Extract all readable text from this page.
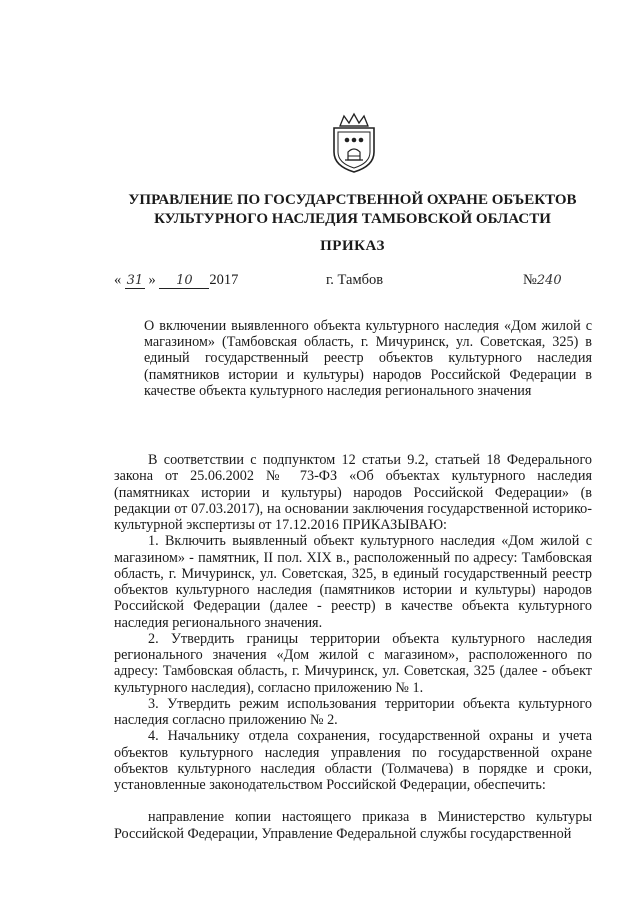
УПРАВЛЕНИЕ ПО ГОСУДАРСТВЕННОЙ ОХРАНЕ ОБЪЕКТОВ
КУЛЬТУРНОГО НАСЛЕДИЯ ТАМБОВСКОЙ ОБЛАСТИ
ПРИКАЗ
« 31 » 10 2017	г. Тамбов	№240
О включении выявленного объекта культурного наследия «Дом жилой с магазином» (Тамбовская область, г. Мичуринск, ул. Советская, 325) в единый государственный реестр объектов культурного наследия (памятников истории и культуры) народов Российской Федерации в качестве объекта культурного наследия регионального значения

В соответствии с подпунктом 12 статьи 9.2, статьей 18 Федерального закона от 25.06.2002 № 73-ФЗ «Об объектах культурного наследия (памятниках истории и культуры) народов Российской Федерации» (в редакции от 07.03.2017), на основании заключения государственной историко-культурной экспертизы от 17.12.2016 ПРИКАЗЫВАЮ:

1. Включить выявленный объект культурного наследия «Дом жилой с магазином» - памятник, II пол. XIX в., расположенный по адресу: Тамбовская область, г. Мичуринск, ул. Советская, 325, в единый государственный реестр объектов культурного наследия (памятников истории и культуры) народов Российской Федерации (далее - реестр) в качестве объекта культурного наследия регионального значения.

2. Утвердить границы территории объекта культурного наследия регионального значения «Дом жилой с магазином», расположенного по адресу: Тамбовская область, г. Мичуринск, ул. Советская, 325 (далее - объект культурного наследия), согласно приложению № 1.

3. Утвердить режим использования территории объекта культурного наследия согласно приложению № 2.

4. Начальнику отдела сохранения, государственной охраны и учета объектов культурного наследия управления по государственной охране объектов культурного наследия области (Толмачева) в порядке и сроки, установленные законодательством Российской Федерации, обеспечить:

направление копии настоящего приказа в Министерство культуры Российской Федерации, Управление Федеральной службы государственной
